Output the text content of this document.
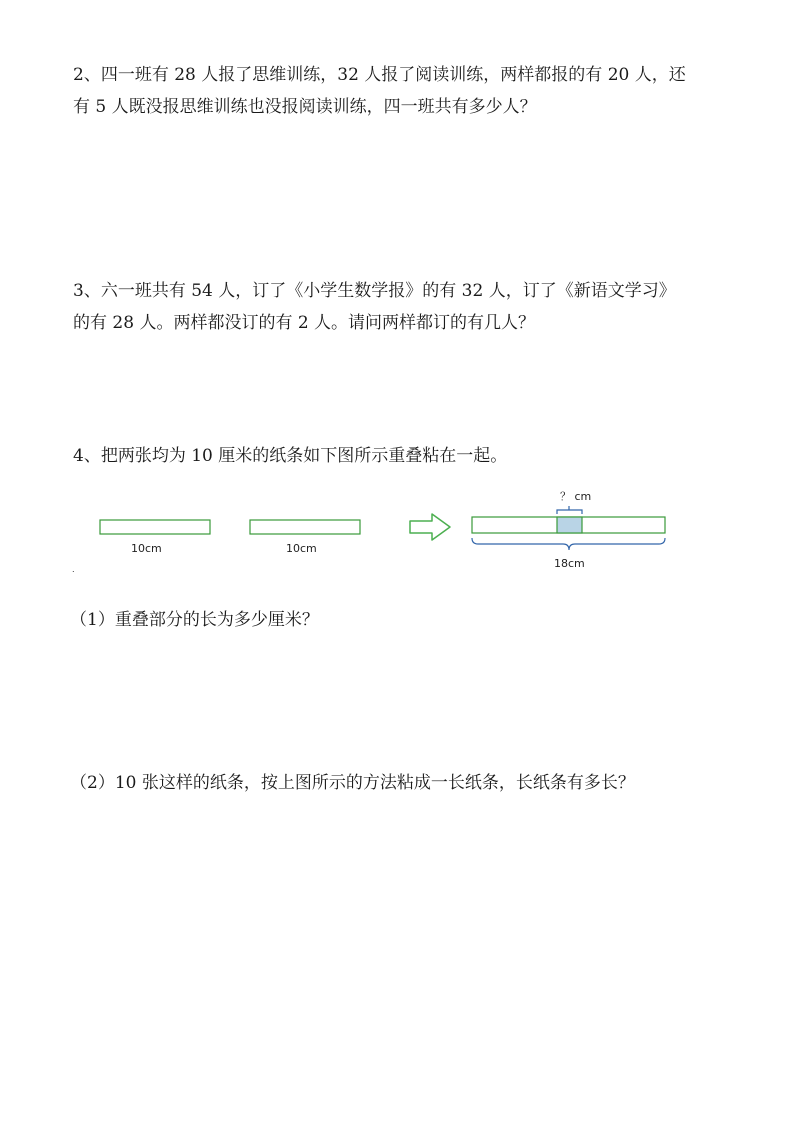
2、四一班有 28 人报了思维训练，32 人报了阅读训练，两样都报的有 20 人，还
有 5 人既没报思维训练也没报阅读训练，四一班共有多少人？
3、六一班共有 54 人，订了《小学生数学报》的有 32 人，订了《新语文学习》
的有 28 人。两样都没订的有 2 人。请问两样都订的有几人？
4、把两张均为 10 厘米的纸条如下图所示重叠粘在一起。
10cm	10cm
？ cm
18cm
.
（1）重叠部分的长为多少厘米？
（2）10 张这样的纸条，按上图所示的方法粘成一长纸条，长纸条有多长？
